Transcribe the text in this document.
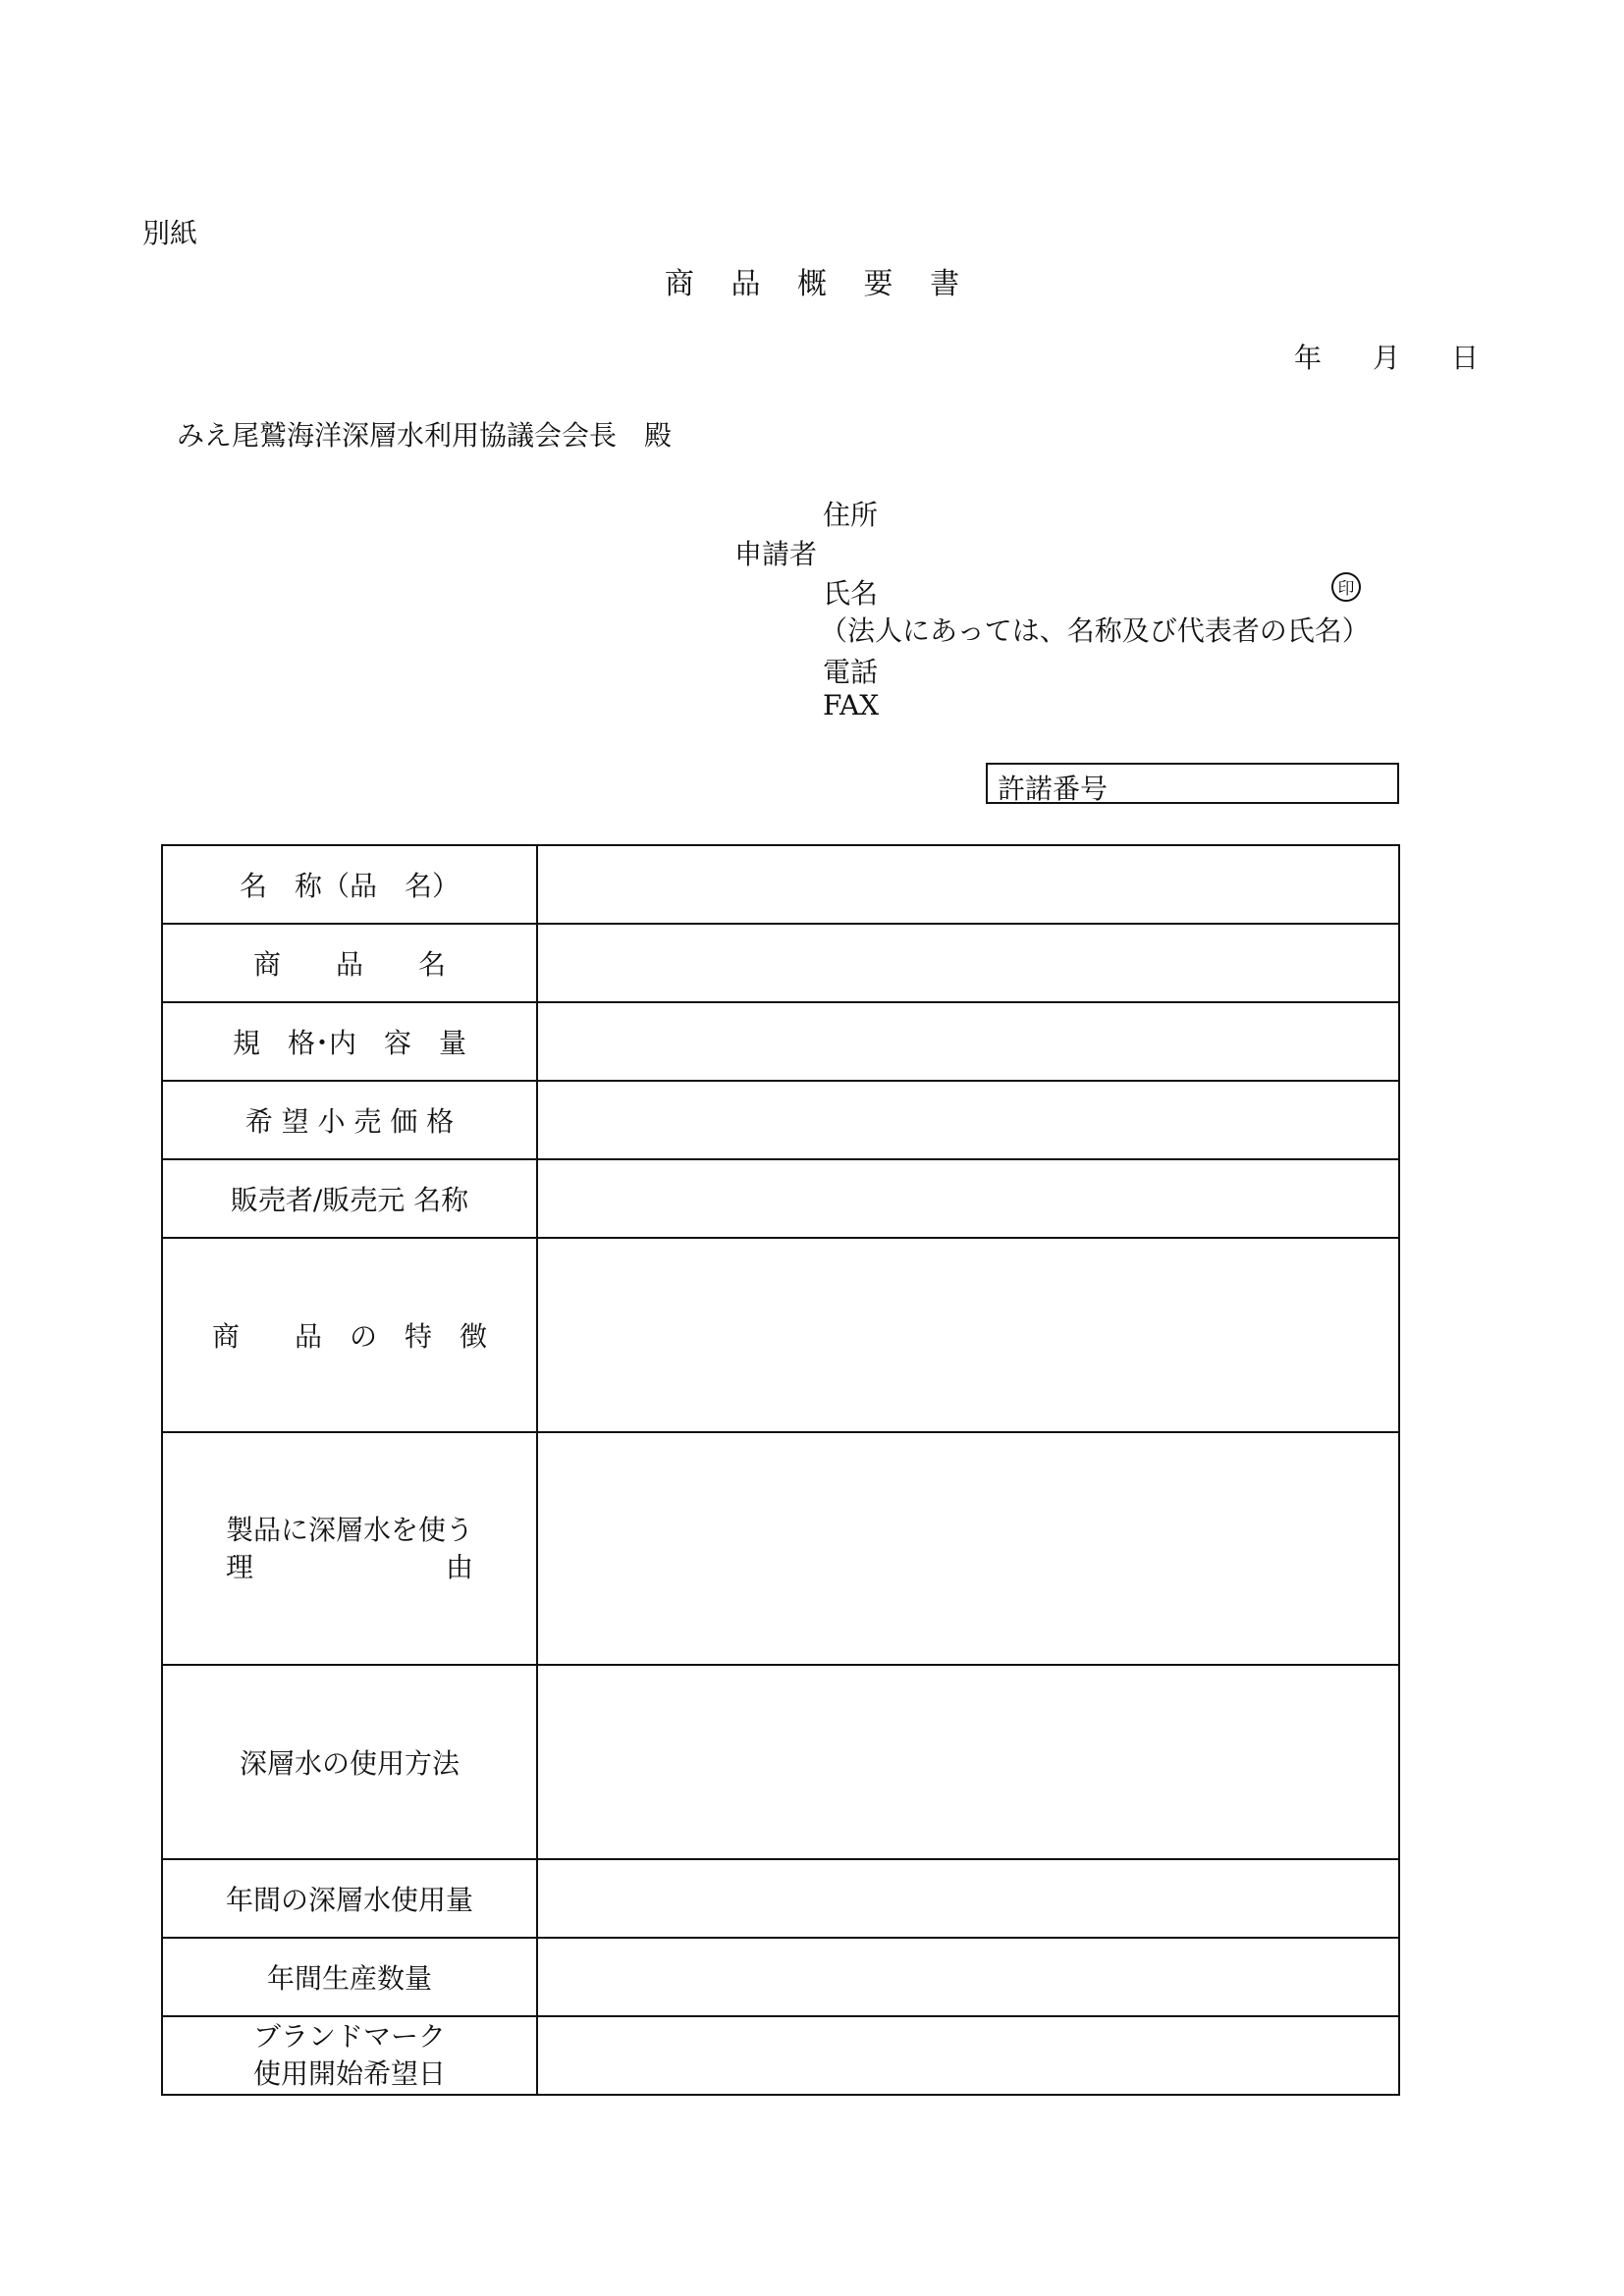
別紙
商 品 概 要 書
年 月 日
みえ尾鷲海洋深層水利用協議会会長　殿
住所
申請者
氏名	印
（法人にあっては、名称及び代表者の氏名）
電話
FAX
許諾番号
名　称（品　名）	
商　　品　　名	
規　格･内　容　量	
希 望 小 売 価 格	
販売者/販売元 名称	
商　　品　の　特　徴	

製品に深層水を使う
理 由	

深層水の使用方法	
年間の深層水使用量	
年間生産数量	

ブランドマーク
使用開始希望日	
